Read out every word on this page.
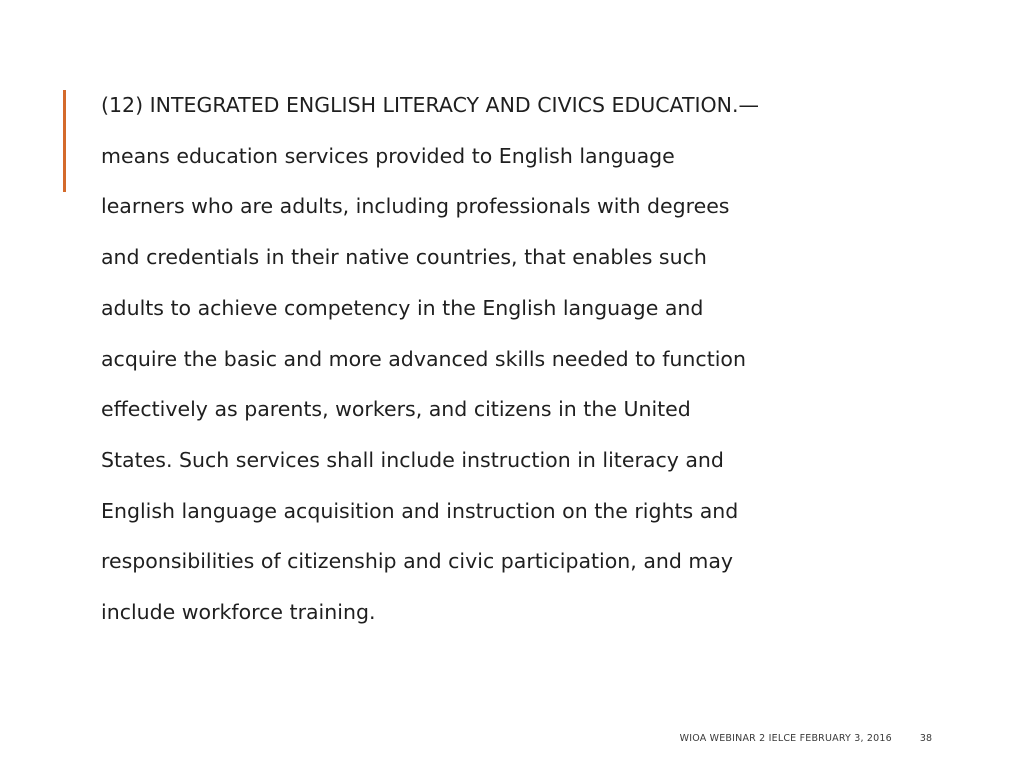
(12) INTEGRATED ENGLISH LITERACY AND CIVICS EDUCATION.—
means education services provided to English language
learners who are adults, including professionals with degrees
and credentials in their native countries, that enables such
adults to achieve competency in the English language and
acquire the basic and more advanced skills needed to function
effectively as parents, workers, and citizens in the United
States. Such services shall include instruction in literacy and
English language acquisition and instruction on the rights and
responsibilities of citizenship and civic participation, and may
include workforce training.
WIOA WEBINAR 2 IELCE FEBRUARY 3, 2016	38
